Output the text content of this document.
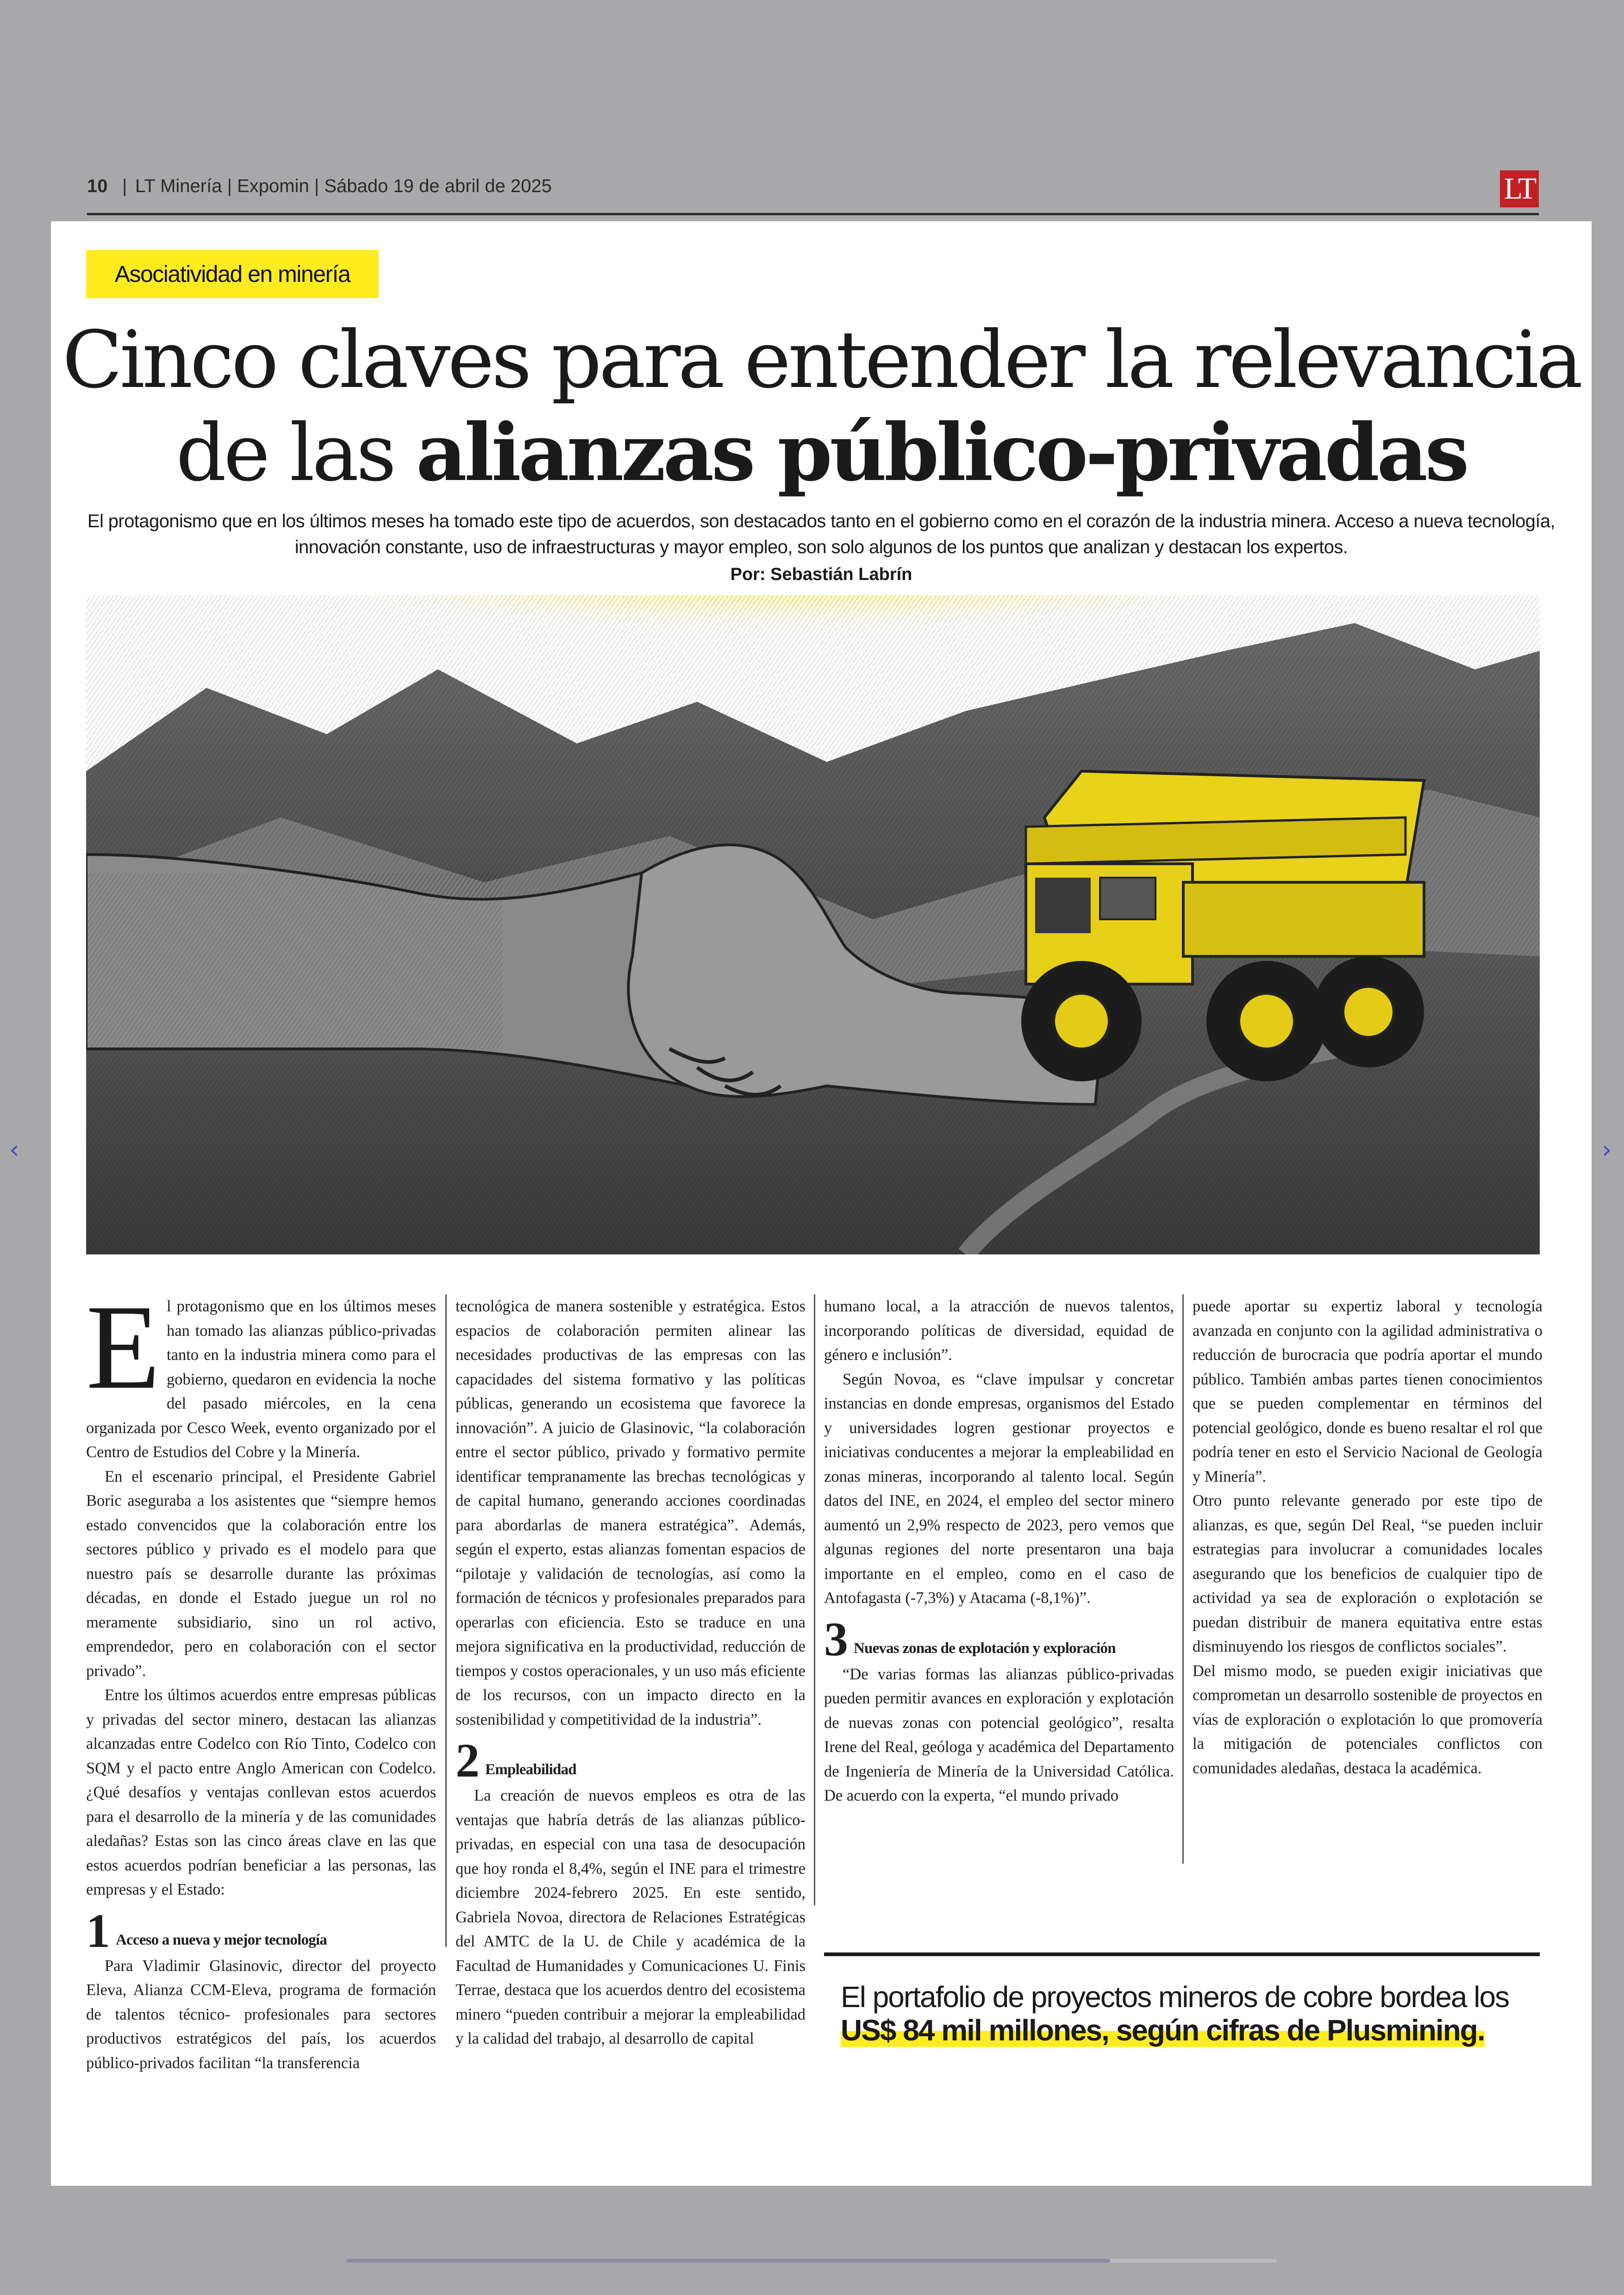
10 | LT Minería | Expomin | Sábado 19 de abril de 2025	LT
Asociatividad en minería
Cinco claves para entender la relevancia
de las alianzas público-privadas
El protagonismo que en los últimos meses ha tomado este tipo de acuerdos, son destacados tanto en el gobierno como en el corazón de la industria minera. Acceso a nueva tecnología, innovación constante, uso de infraestructuras y mayor empleo, son solo algunos de los puntos que analizan y destacan los expertos.
Por: Sebastián Labrín

El protagonismo que en los últimos meses han tomado las alianzas público-privadas tanto en la industria minera como para el gobierno, quedaron en evidencia la noche del pasado miércoles, en la cena organizada por Cesco Week, evento organizado por el Centro de Estudios del Cobre y la Minería.

En el escenario principal, el Presidente Gabriel Boric aseguraba a los asistentes que “siempre hemos estado convencidos que la colaboración entre los sectores público y privado es el modelo para que nuestro país se desarrolle durante las próximas décadas, en donde el Estado juegue un rol no meramente subsidiario, sino un rol activo, emprendedor, pero en colaboración con el sector privado”.

Entre los últimos acuerdos entre empresas públicas y privadas del sector minero, destacan las alianzas alcanzadas entre Codelco con Río Tinto, Codelco con SQM y el pacto entre Anglo American con Codelco. ¿Qué desafíos y ventajas conllevan estos acuerdos para el desarrollo de la minería y de las comunidades aledañas? Estas son las cinco áreas clave en las que estos acuerdos podrían beneficiar a las personas, las empresas y el Estado:

1 Acceso a nueva y mejor tecnología

Para Vladimir Glasinovic, director del proyecto Eleva, Alianza CCM-Eleva, programa de formación de talentos técnico- profesionales para sectores productivos estratégicos del país, los acuerdos público-privados facilitan “la transferencia

tecnológica de manera sostenible y estratégica. Estos espacios de colaboración permiten alinear las necesidades productivas de las empresas con las capacidades del sistema formativo y las políticas públicas, generando un ecosistema que favorece la innovación”. A juicio de Glasinovic, “la colaboración entre el sector público, privado y formativo permite identificar tempranamente las brechas tecnológicas y de capital humano, generando acciones coordinadas para abordarlas de manera estratégica”. Además, según el experto, estas alianzas fomentan espacios de “pilotaje y validación de tecnologías, así como la formación de técnicos y profesionales preparados para operarlas con eficiencia. Esto se traduce en una mejora significativa en la productividad, reducción de tiempos y costos operacionales, y un uso más eficiente de los recursos, con un impacto directo en la sostenibilidad y competitividad de la industria”.

2 Empleabilidad

La creación de nuevos empleos es otra de las ventajas que habría detrás de las alianzas público-privadas, en especial con una tasa de desocupación que hoy ronda el 8,4%, según el INE para el trimestre diciembre 2024-febrero 2025. En este sentido, Gabriela Novoa, directora de Relaciones Estratégicas del AMTC de la U. de Chile y académica de la Facultad de Humanidades y Comunicaciones U. Finis Terrae, destaca que los acuerdos dentro del ecosistema minero “pueden contribuir a mejorar la empleabilidad y la calidad del trabajo, al desarrollo de capital

humano local, a la atracción de nuevos talentos, incorporando políticas de diversidad, equidad de género e inclusión”.

Según Novoa, es “clave impulsar y concretar instancias en donde empresas, organismos del Estado y universidades logren gestionar proyectos e iniciativas conducentes a mejorar la empleabilidad en zonas mineras, incorporando al talento local. Según datos del INE, en 2024, el empleo del sector minero aumentó un 2,9% respecto de 2023, pero vemos que algunas regiones del norte presentaron una baja importante en el empleo, como en el caso de Antofagasta (-7,3%) y Atacama (-8,1%)”.

3 Nuevas zonas de explotación y exploración

“De varias formas las alianzas público-privadas pueden permitir avances en exploración y explotación de nuevas zonas con potencial geológico”, resalta Irene del Real, geóloga y académica del Departamento de Ingeniería de Minería de la Universidad Católica. De acuerdo con la experta, “el mundo privado

puede aportar su expertiz laboral y tecnología avanzada en conjunto con la agilidad administrativa o reducción de burocracia que podría aportar el mundo público. También ambas partes tienen conocimientos que se pueden complementar en términos del potencial geológico, donde es bueno resaltar el rol que podría tener en esto el Servicio Nacional de Geología y Minería”.

Otro punto relevante generado por este tipo de alianzas, es que, según Del Real, “se pueden incluir estrategias para involucrar a comunidades locales asegurando que los beneficios de cualquier tipo de actividad ya sea de exploración o explotación se puedan distribuir de manera equitativa entre estas disminuyendo los riesgos de conflictos sociales”.

Del mismo modo, se pueden exigir iniciativas que comprometan un desarrollo sostenible de proyectos en vías de exploración o explotación lo que promovería la mitigación de potenciales conflictos con comunidades aledañas, destaca la académica.

El portafolio de proyectos mineros de cobre bordea los US$ 84 mil millones, según cifras de Plusmining.
‹	›
